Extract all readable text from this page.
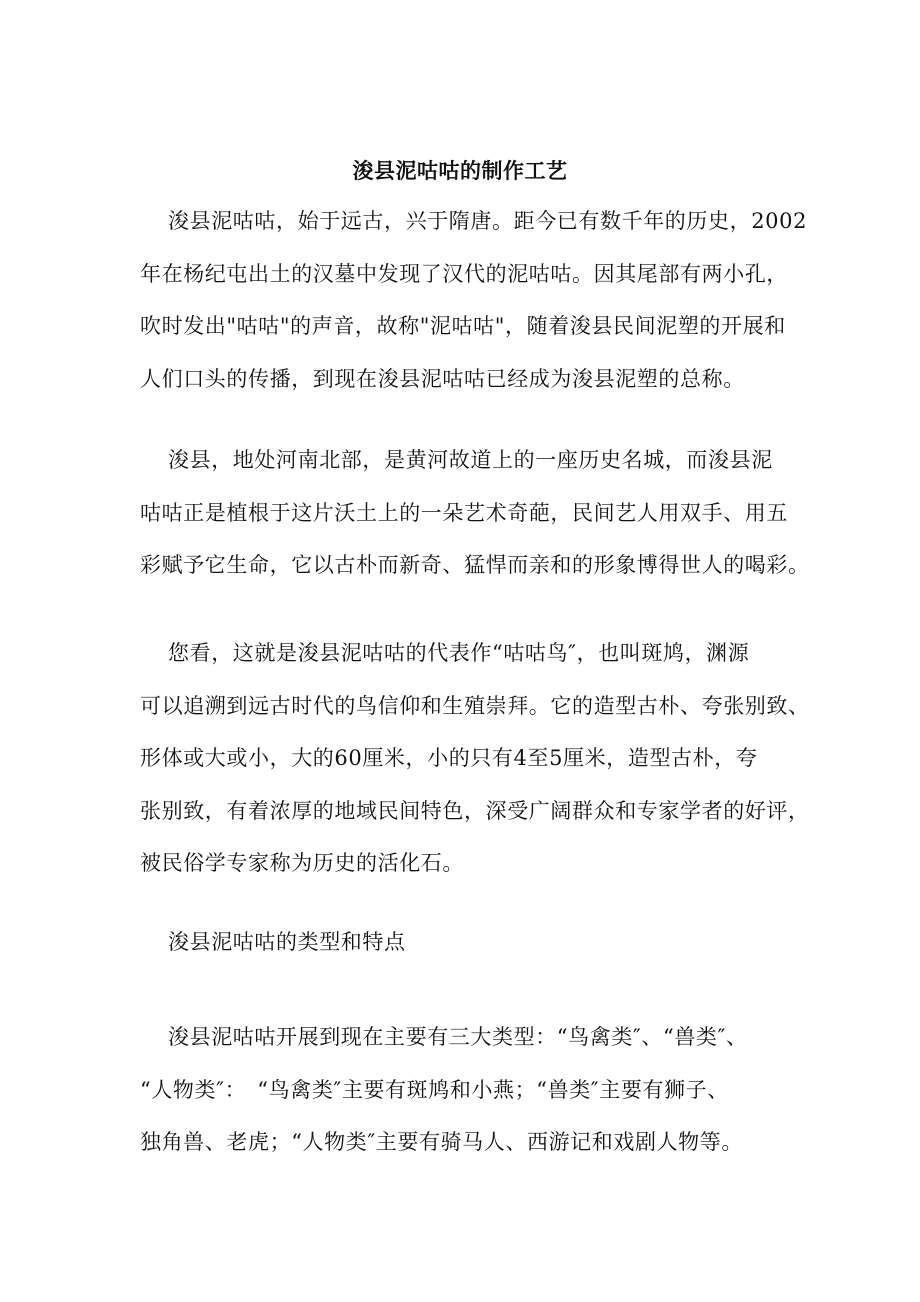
浚县泥咕咕的制作工艺
浚县泥咕咕，始于远古，兴于隋唐。距今已有数千年的历史，2002
年在杨纪屯出土的汉墓中发现了汉代的泥咕咕。因其尾部有两小孔，
吹时发出"咕咕"的声音，故称"泥咕咕"，随着浚县民间泥塑的开展和
人们口头的传播，到现在浚县泥咕咕已经成为浚县泥塑的总称。
浚县，地处河南北部，是黄河故道上的一座历史名城，而浚县泥
咕咕正是植根于这片沃土上的一朵艺术奇葩，民间艺人用双手、用五
彩赋予它生命，它以古朴而新奇、猛悍而亲和的形象博得世人的喝彩。
您看，这就是浚县泥咕咕的代表作“咕咕鸟″，也叫斑鸠，渊源
可以追溯到远古时代的鸟信仰和生殖崇拜。它的造型古朴、夸张别致、
形体或大或小，大的60厘米，小的只有4至5厘米，造型古朴，夸
张别致，有着浓厚的地域民间特色，深受广阔群众和专家学者的好评，
被民俗学专家称为历史的活化石。
浚县泥咕咕的类型和特点
浚县泥咕咕开展到现在主要有三大类型：“鸟禽类″、“兽类″、
“人物类″：　“鸟禽类″主要有斑鸠和小燕；“兽类″主要有狮子、
独角兽、老虎；“人物类″主要有骑马人、西游记和戏剧人物等。
